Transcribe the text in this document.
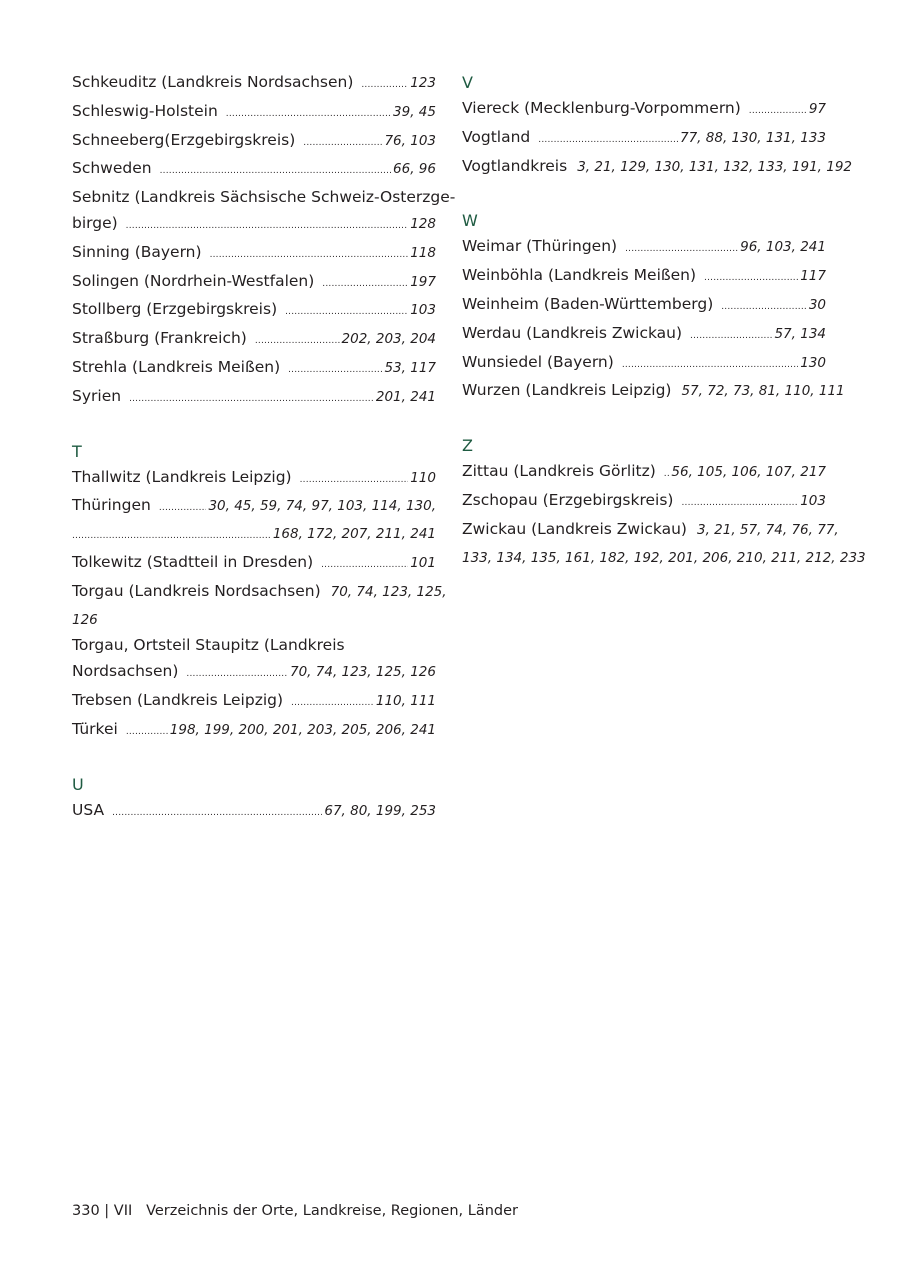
Schkeuditz (Landkreis Nordsachsen) .....	123
Schleswig-Holstein .....	39, 45
Schneeberg(Erzgebirgskreis) .....	76, 103
Schweden .....	66, 96
Sebnitz (Landkreis Sächsische Schweiz-Osterzge-
birge) .....	128
Sinning (Bayern) .....	118
Solingen (Nordrhein-Westfalen) .....	197
Stollberg (Erzgebirgskreis) .....	103
Straßburg (Frankreich) .....	202, 203, 204
Strehla (Landkreis Meißen) .....	53, 117
Syrien .....	201, 241
T
Thallwitz (Landkreis Leipzig) .....	110
Thüringen .....	30, 45, 59, 74, 97, 103, 114, 130,
.....
168, 172, 207, 211, 241
Tolkewitz (Stadtteil in Dresden) .....	101
Torgau (Landkreis Nordsachsen) 70, 74, 123, 125,
126
Torgau, Ortsteil Staupitz (Landkreis
Nordsachsen) .....	70, 74, 123, 125, 126
Trebsen (Landkreis Leipzig) .....	110, 111
Türkei .....	198, 199, 200, 201, 203, 205, 206, 241
U
USA .....	67, 80, 199, 253
V
Viereck (Mecklenburg-Vorpommern) .....	97
Vogtland .....	77, 88, 130, 131, 133
Vogtlandkreis 3, 21, 129, 130, 131, 132, 133, 191, 192
W
Weimar (Thüringen) .....	96, 103, 241
Weinböhla (Landkreis Meißen) .....	117
Weinheim (Baden-Württemberg) .....	30
Werdau (Landkreis Zwickau) .....	57, 134
Wunsiedel (Bayern) .....	130
Wurzen (Landkreis Leipzig) 57, 72, 73, 81, 110, 111
Z
Zittau (Landkreis Görlitz) ..... 56, 105, 106, 107, 217
Zschopau (Erzgebirgskreis) .....	103
Zwickau (Landkreis Zwickau) 3, 21, 57, 74, 76, 77,
133, 134, 135, 161, 182, 192, 201, 206, 210, 211, 212, 233
330 | VII   Verzeichnis der Orte, Landkreise, Regionen, Länder
